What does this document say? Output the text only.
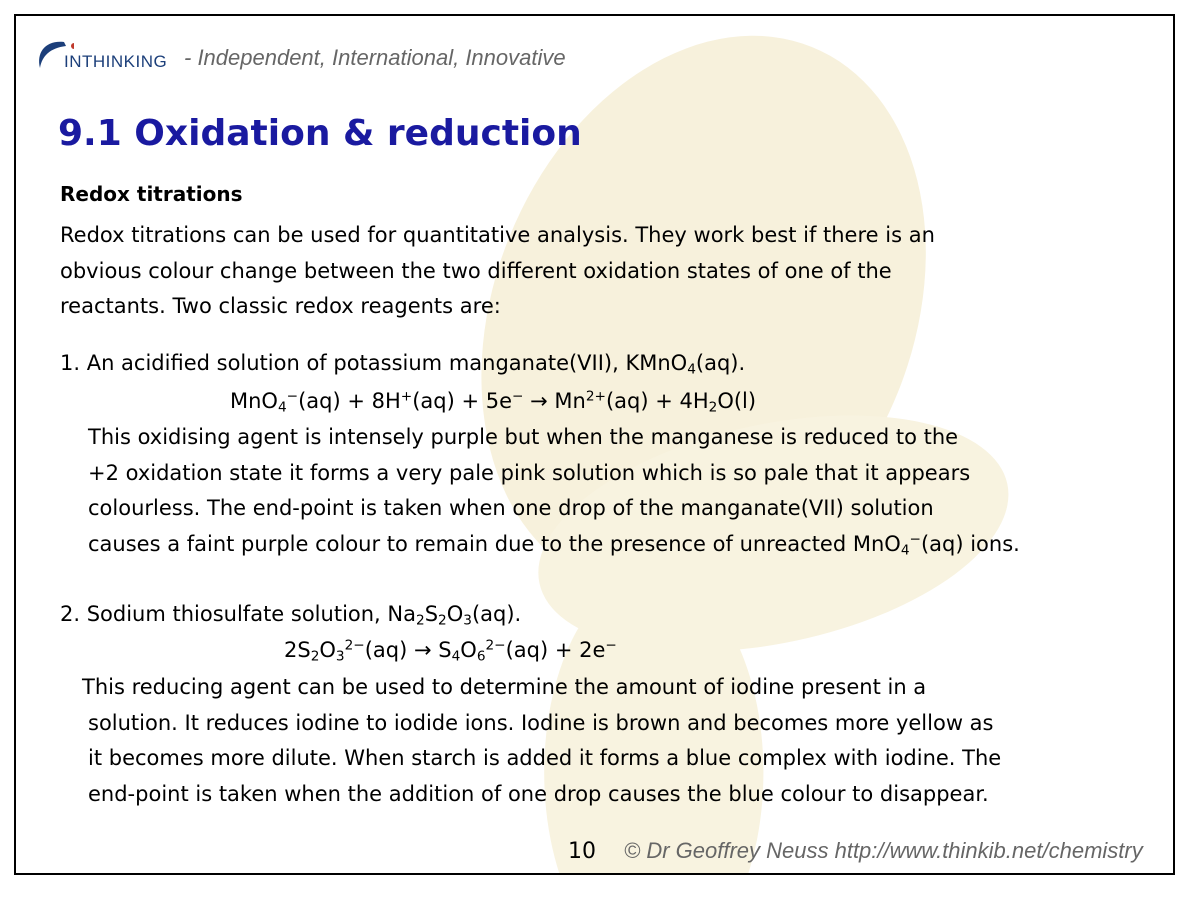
INTHINKING - Independent, International, Innovative
9.1 Oxidation & reduction
Redox titrations
Redox titrations can be used for quantitative analysis. They work best if there is an
obvious colour change between the two different oxidation states of one of the
reactants. Two classic redox reagents are:
1. An acidified solution of potassium manganate(VII), KMnO$_4$(aq).
$MnO_4^-(aq) + 8H^+(aq) + 5e^- \to Mn^{2+}(aq) + 4H_2O(l)$
This oxidising agent is intensely purple but when the manganese is reduced to the
+2 oxidation state it forms a very pale pink solution which is so pale that it appears
colourless. The end-point is taken when one drop of the manganate(VII) solution
causes a faint purple colour to remain due to the presence of unreacted MnO$_4$−(aq) ions.
2. Sodium thiosulfate solution, $Na_2S_2O_3(aq)$.
$2S_2O_3^{2-}(aq) \to S_4O_6^{2-}(aq) + 2e^-$
This reducing agent can be used to determine the amount of iodine present in a
solution. It reduces iodine to iodide ions. Iodine is brown and becomes more yellow as
it becomes more dilute. When starch is added it forms a blue complex with iodine. The
end-point is taken when the addition of one drop causes the blue colour to disappear.
10 © Dr Geoffrey Neuss http://www.thinkib.net/chemistry
